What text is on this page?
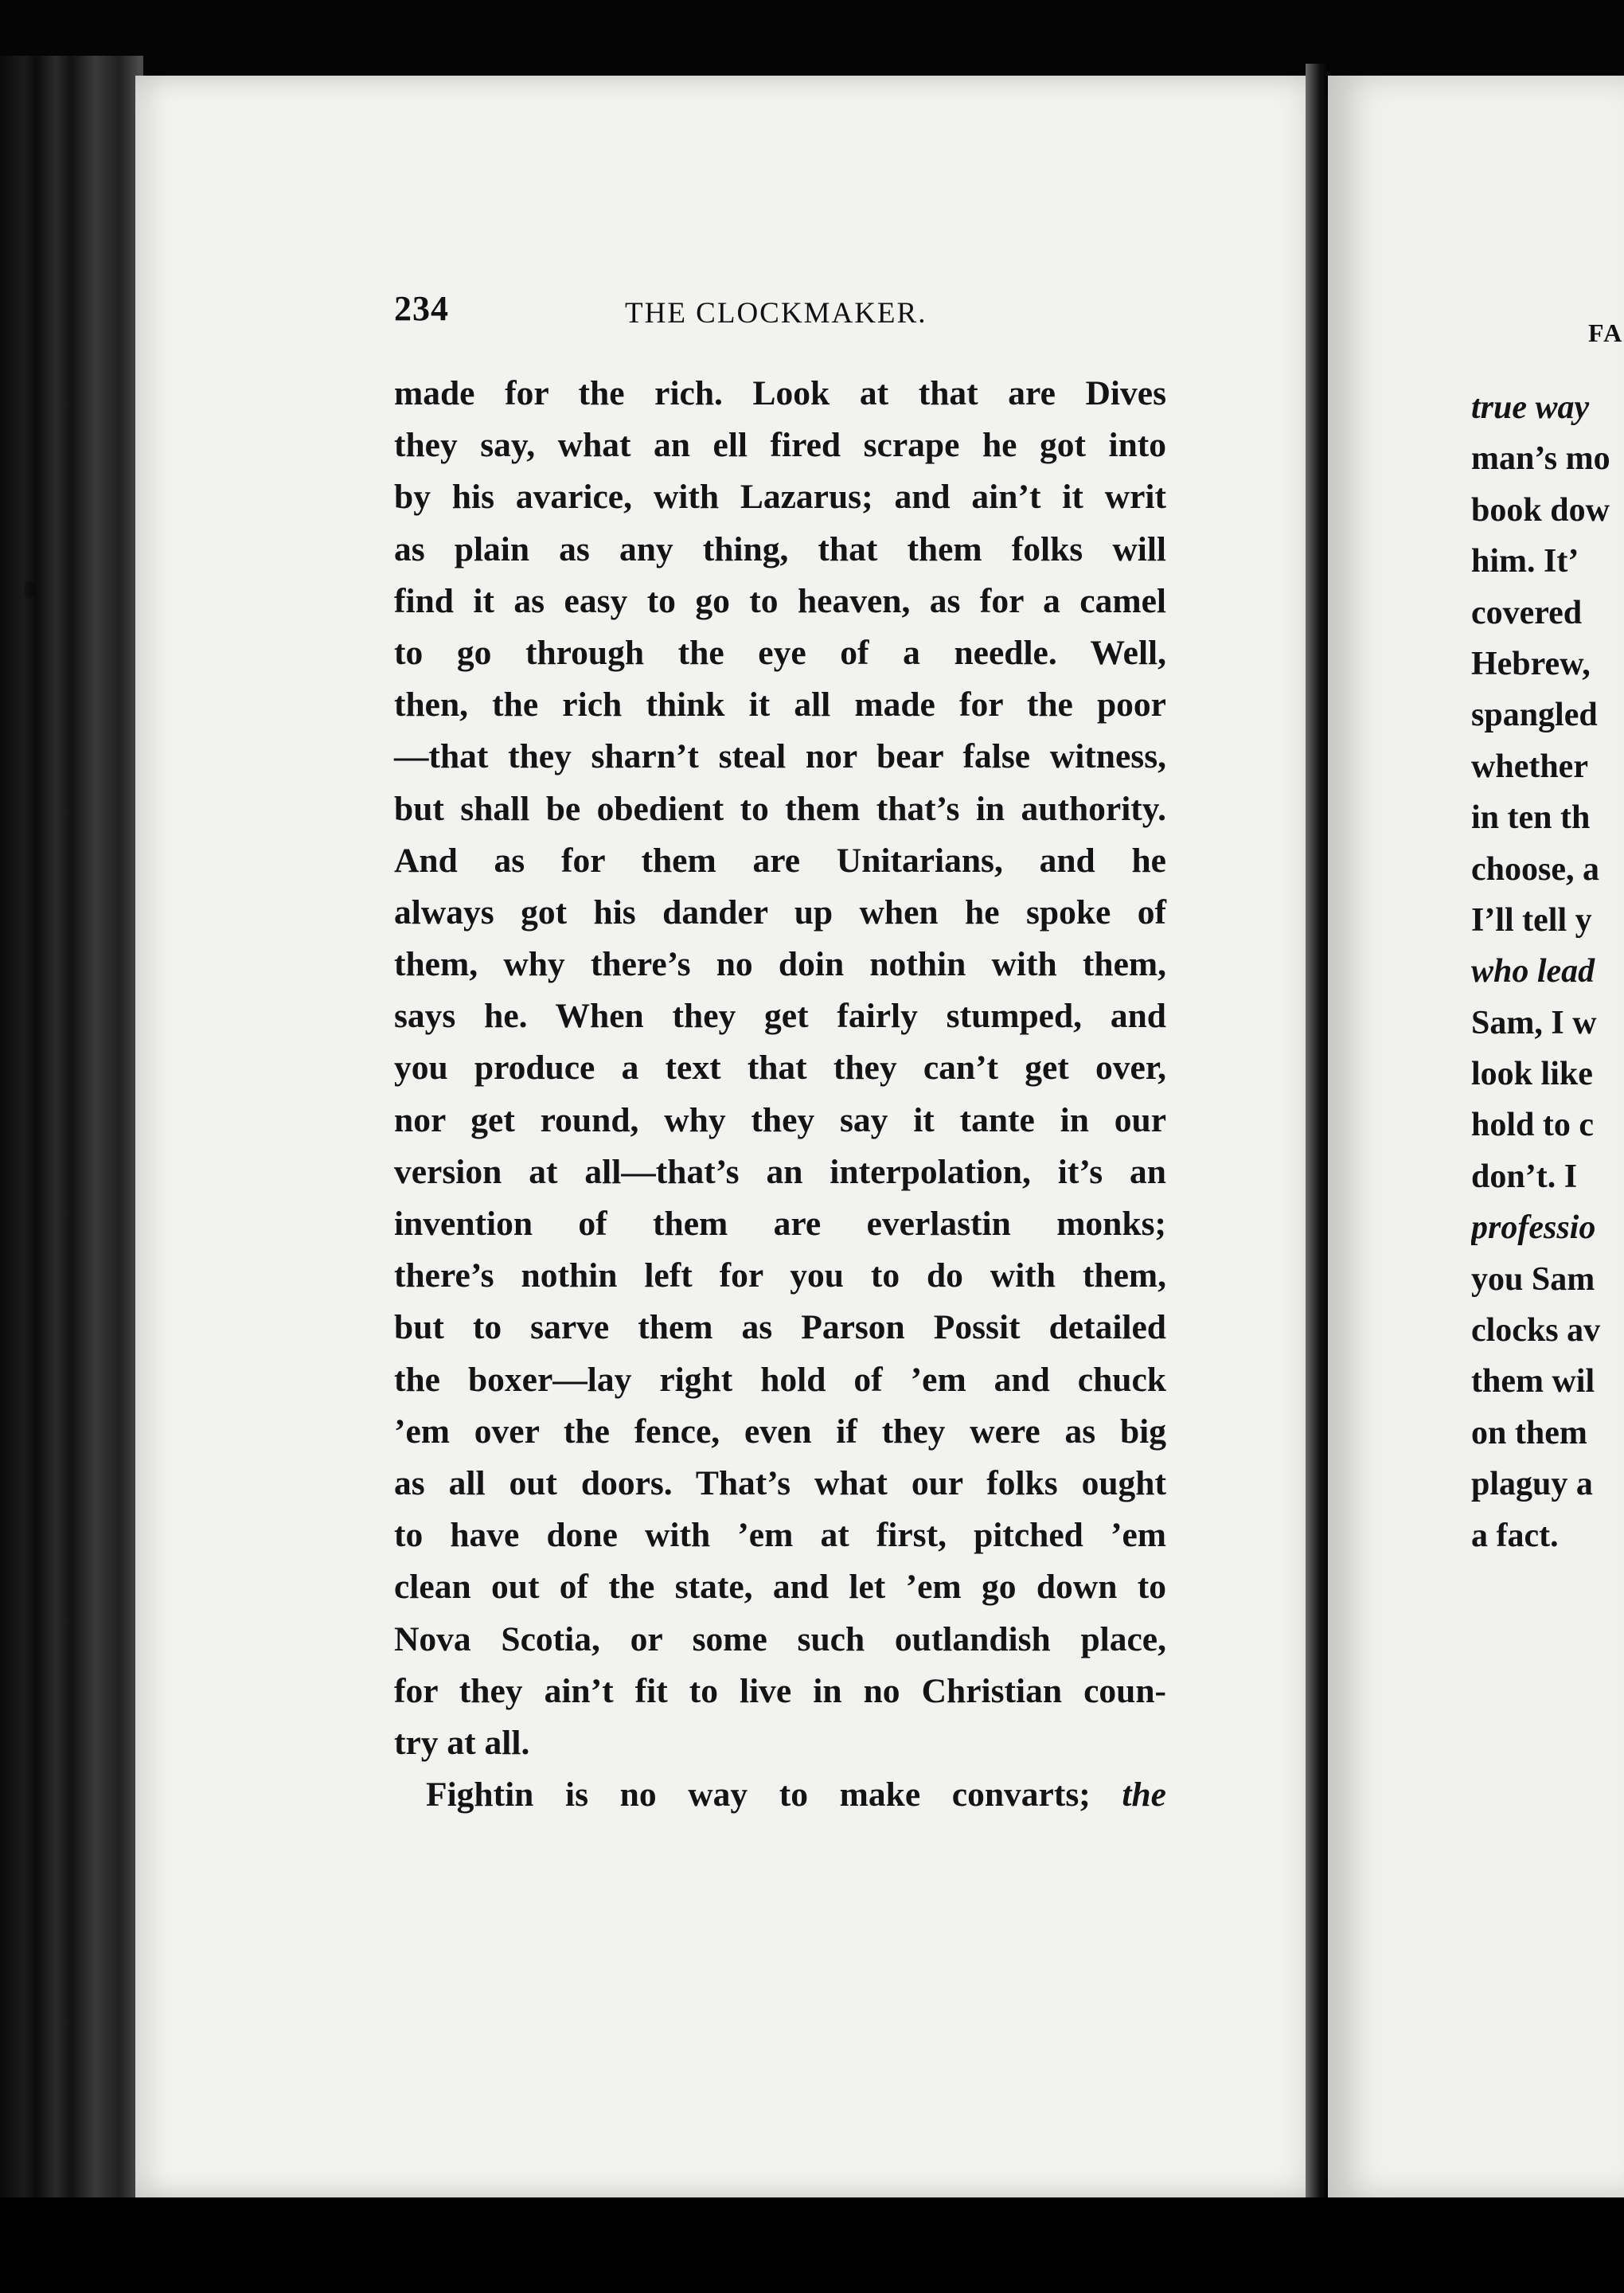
234	THE CLOCKMAKER.
made for the rich. Look at that are Dives
they say, what an ell fired scrape he got into
by his avarice, with Lazarus; and ain’t it writ
as plain as any thing, that them folks will
find it as easy to go to heaven, as for a camel
to go through the eye of a needle. Well,
then, the rich think it all made for the poor
—that they sharn’t steal nor bear false witness,
but shall be obedient to them that’s in authority.
And as for them are Unitarians, and he
always got his dander up when he spoke of
them, why there’s no doin nothin with them,
says he. When they get fairly stumped, and
you produce a text that they can’t get over,
nor get round, why they say it tante in our
version at all—that’s an interpolation, it’s an
invention of them are everlastin monks;
there’s nothin left for you to do with them,
but to sarve them as Parson Possit detailed
the boxer—lay right hold of ’em and chuck
’em over the fence, even if they were as big
as all out doors. That’s what our folks ought
to have done with ’em at first, pitched ’em
clean out of the state, and let ’em go down to
Nova Scotia, or some such outlandish place,
for they ain’t fit to live in no Christian coun-
try at all.
Fightin is no way to make convarts; the
FA
true way
man’s mo
book dow
him. It’
covered
Hebrew,
spangled
whether
in ten th
choose, a
I’ll tell y
who lead
Sam, I w
look like
hold to c
don’t. I
professio
you Sam
clocks av
them wil
on them
plaguy a
a fact.
